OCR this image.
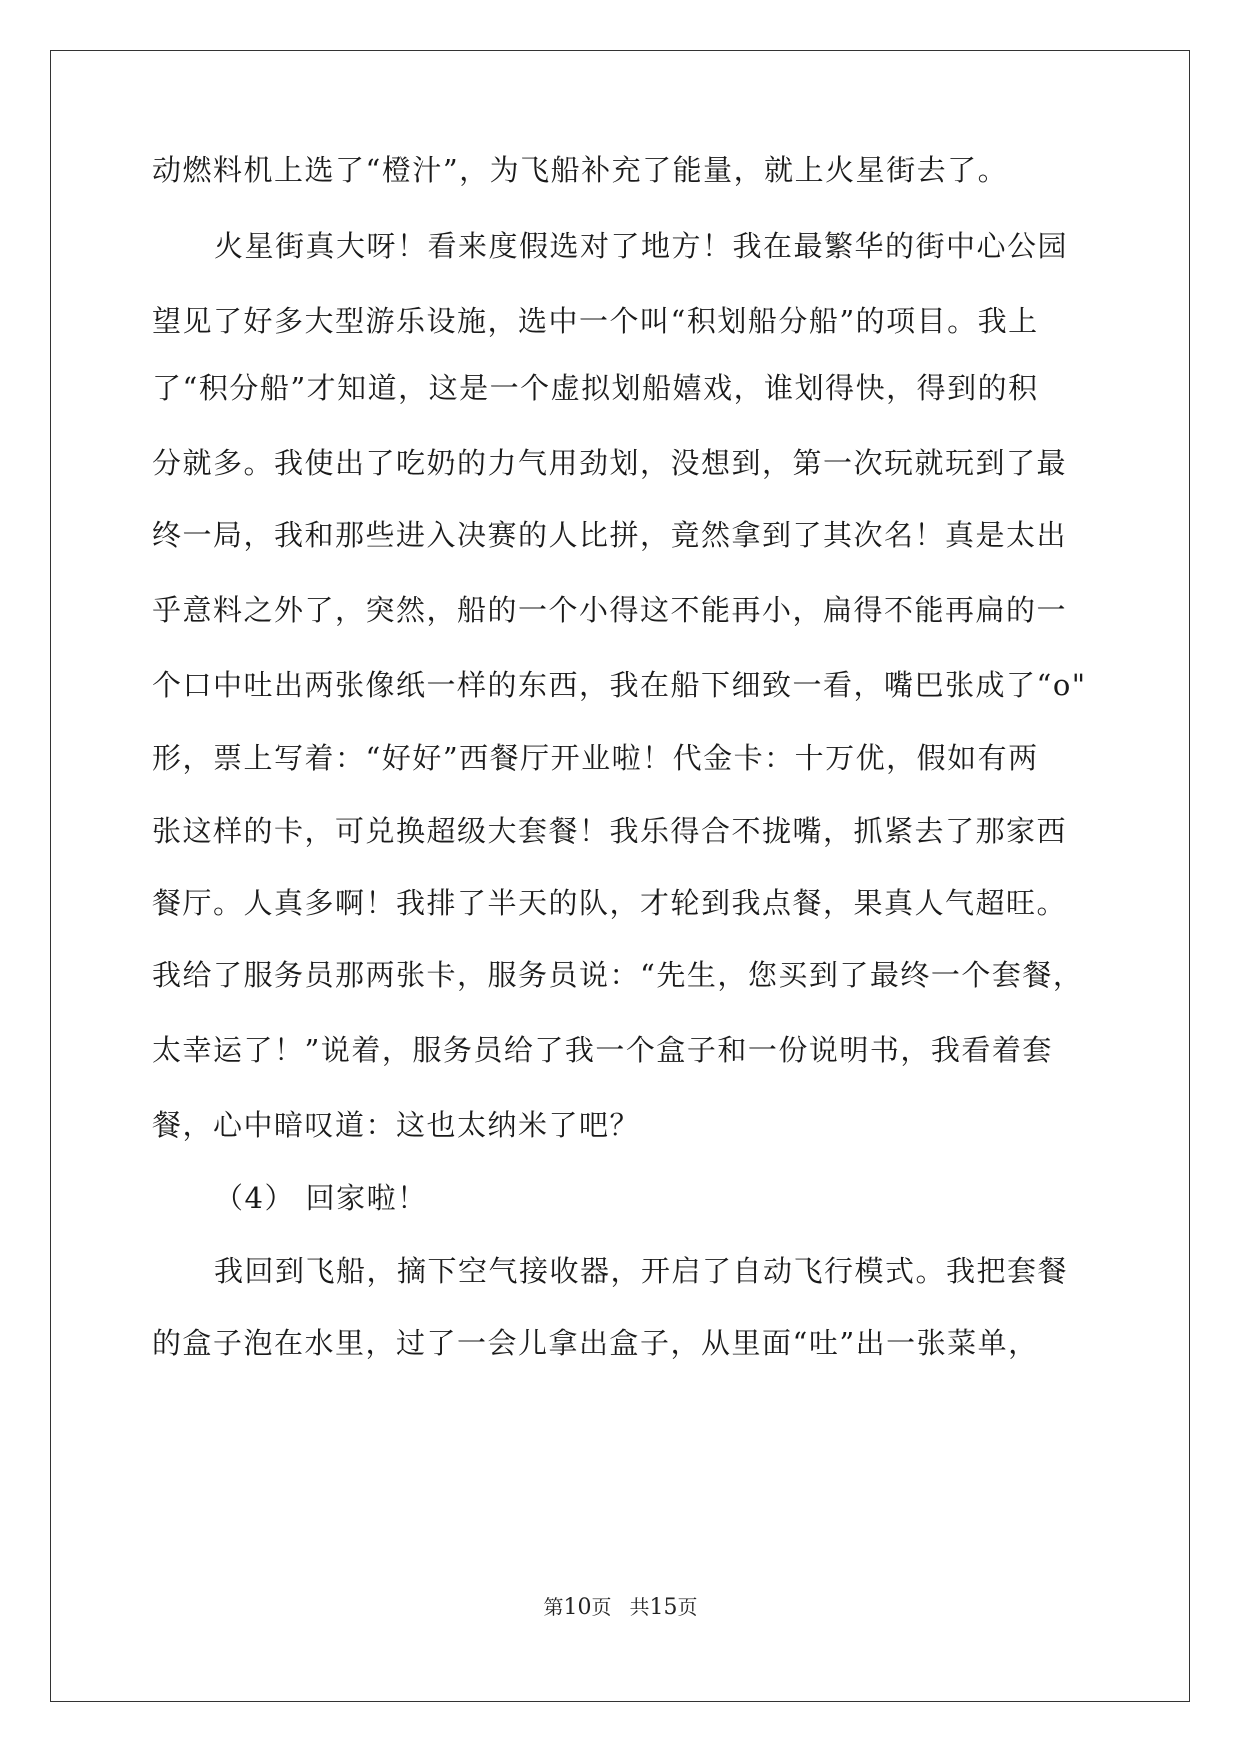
动燃料机上选了“橙汁”，为飞船补充了能量，就上火星街去了。
火星街真大呀！看来度假选对了地方！我在最繁华的街中心公园
望见了好多大型游乐设施，选中一个叫“积划船分船”的项目。我上
了“积分船”才知道，这是一个虚拟划船嬉戏，谁划得快，得到的积
分就多。我使出了吃奶的力气用劲划，没想到，第一次玩就玩到了最
终一局，我和那些进入决赛的人比拼，竟然拿到了其次名！真是太出
乎意料之外了，突然，船的一个小得这不能再小，扁得不能再扁的一
个口中吐出两张像纸一样的东西，我在船下细致一看，嘴巴张成了“o"
形，票上写着：“好好”西餐厅开业啦！代金卡：十万优，假如有两
张这样的卡，可兑换超级大套餐！我乐得合不拢嘴，抓紧去了那家西
餐厅。人真多啊！我排了半天的队，才轮到我点餐，果真人气超旺。
我给了服务员那两张卡，服务员说：“先生，您买到了最终一个套餐，
太幸运了！”说着，服务员给了我一个盒子和一份说明书，我看着套
餐，心中暗叹道：这也太纳米了吧？
（4） 回家啦！
我回到飞船，摘下空气接收器，开启了自动飞行模式。我把套餐
的盒子泡在水里，过了一会儿拿出盒子，从里面“吐”出一张菜单，
第10页 共15页
